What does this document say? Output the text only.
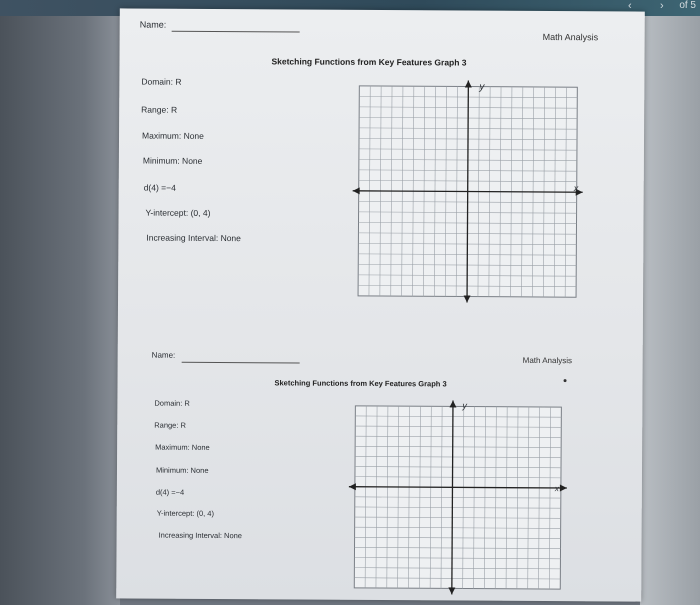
‹	› of 5
Name:
Math Analysis
Sketching Functions from Key Features Graph 3
Domain: R
Range: R
Maximum: None
Minimum: None
d(4) =−4
Y-intercept: (0, 4)
Increasing Interval: None
y
x
Name:
Math Analysis
Sketching Functions from Key Features Graph 3
Domain: R
Range: R
Maximum: None
Minimum: None
d(4) =−4
Y-intercept: (0, 4)
Increasing Interval: None
y
x
